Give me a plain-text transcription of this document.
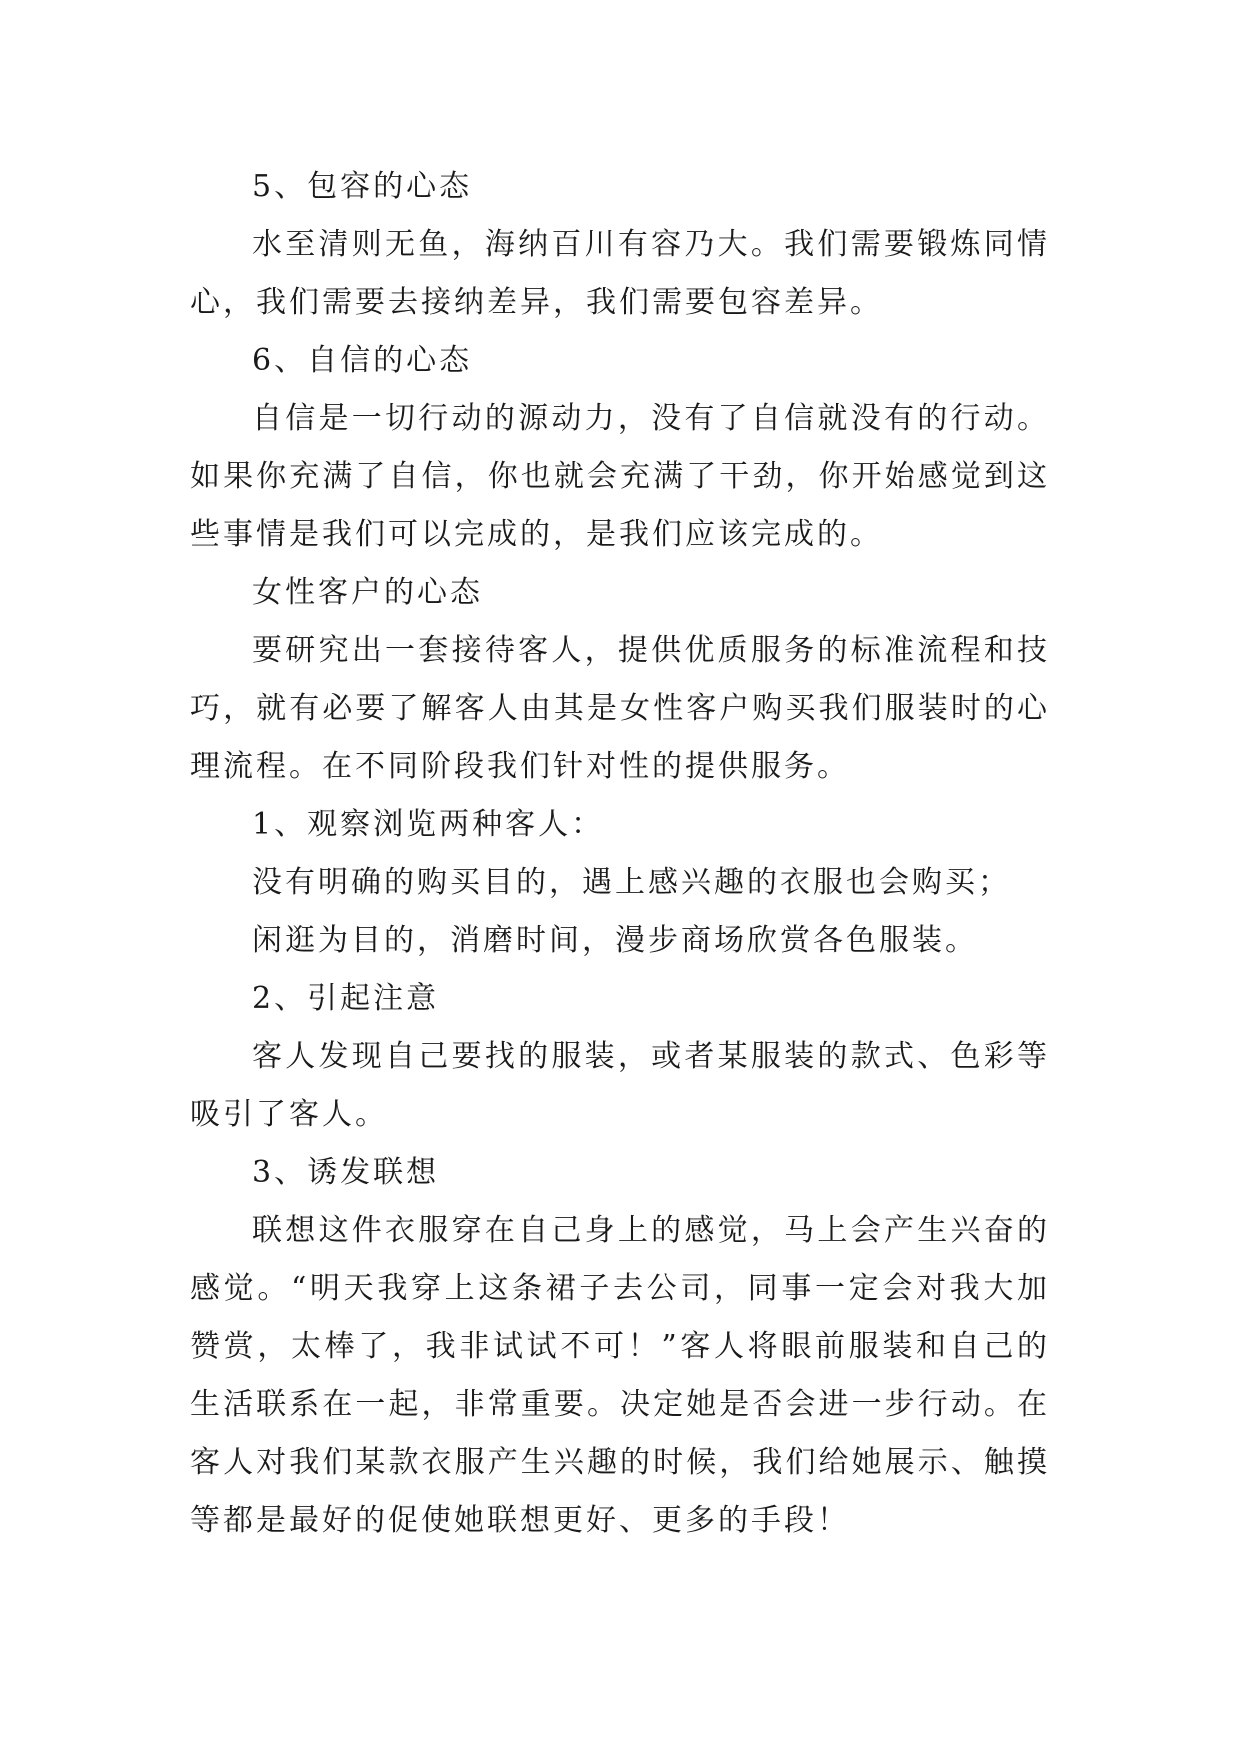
5、包容的心态

水至清则无鱼，海纳百川有容乃大。我们需要锻炼同情心，我们需要去接纳差异，我们需要包容差异。

6、自信的心态

自信是一切行动的源动力，没有了自信就没有的行动。如果你充满了自信，你也就会充满了干劲，你开始感觉到这些事情是我们可以完成的，是我们应该完成的。

女性客户的心态

要研究出一套接待客人，提供优质服务的标准流程和技巧，就有必要了解客人由其是女性客户购买我们服装时的心理流程。在不同阶段我们针对性的提供服务。

1、观察浏览两种客人：

没有明确的购买目的，遇上感兴趣的衣服也会购买；

闲逛为目的，消磨时间，漫步商场欣赏各色服装。

2、引起注意

客人发现自己要找的服装，或者某服装的款式、色彩等吸引了客人。

3、诱发联想

联想这件衣服穿在自己身上的感觉，马上会产生兴奋的感觉。“明天我穿上这条裙子去公司，同事一定会对我大加赞赏，太棒了，我非试试不可！”客人将眼前服装和自己的生活联系在一起，非常重要。决定她是否会进一步行动。在客人对我们某款衣服产生兴趣的时候，我们给她展示、触摸等都是最好的促使她联想更好、更多的手段！
